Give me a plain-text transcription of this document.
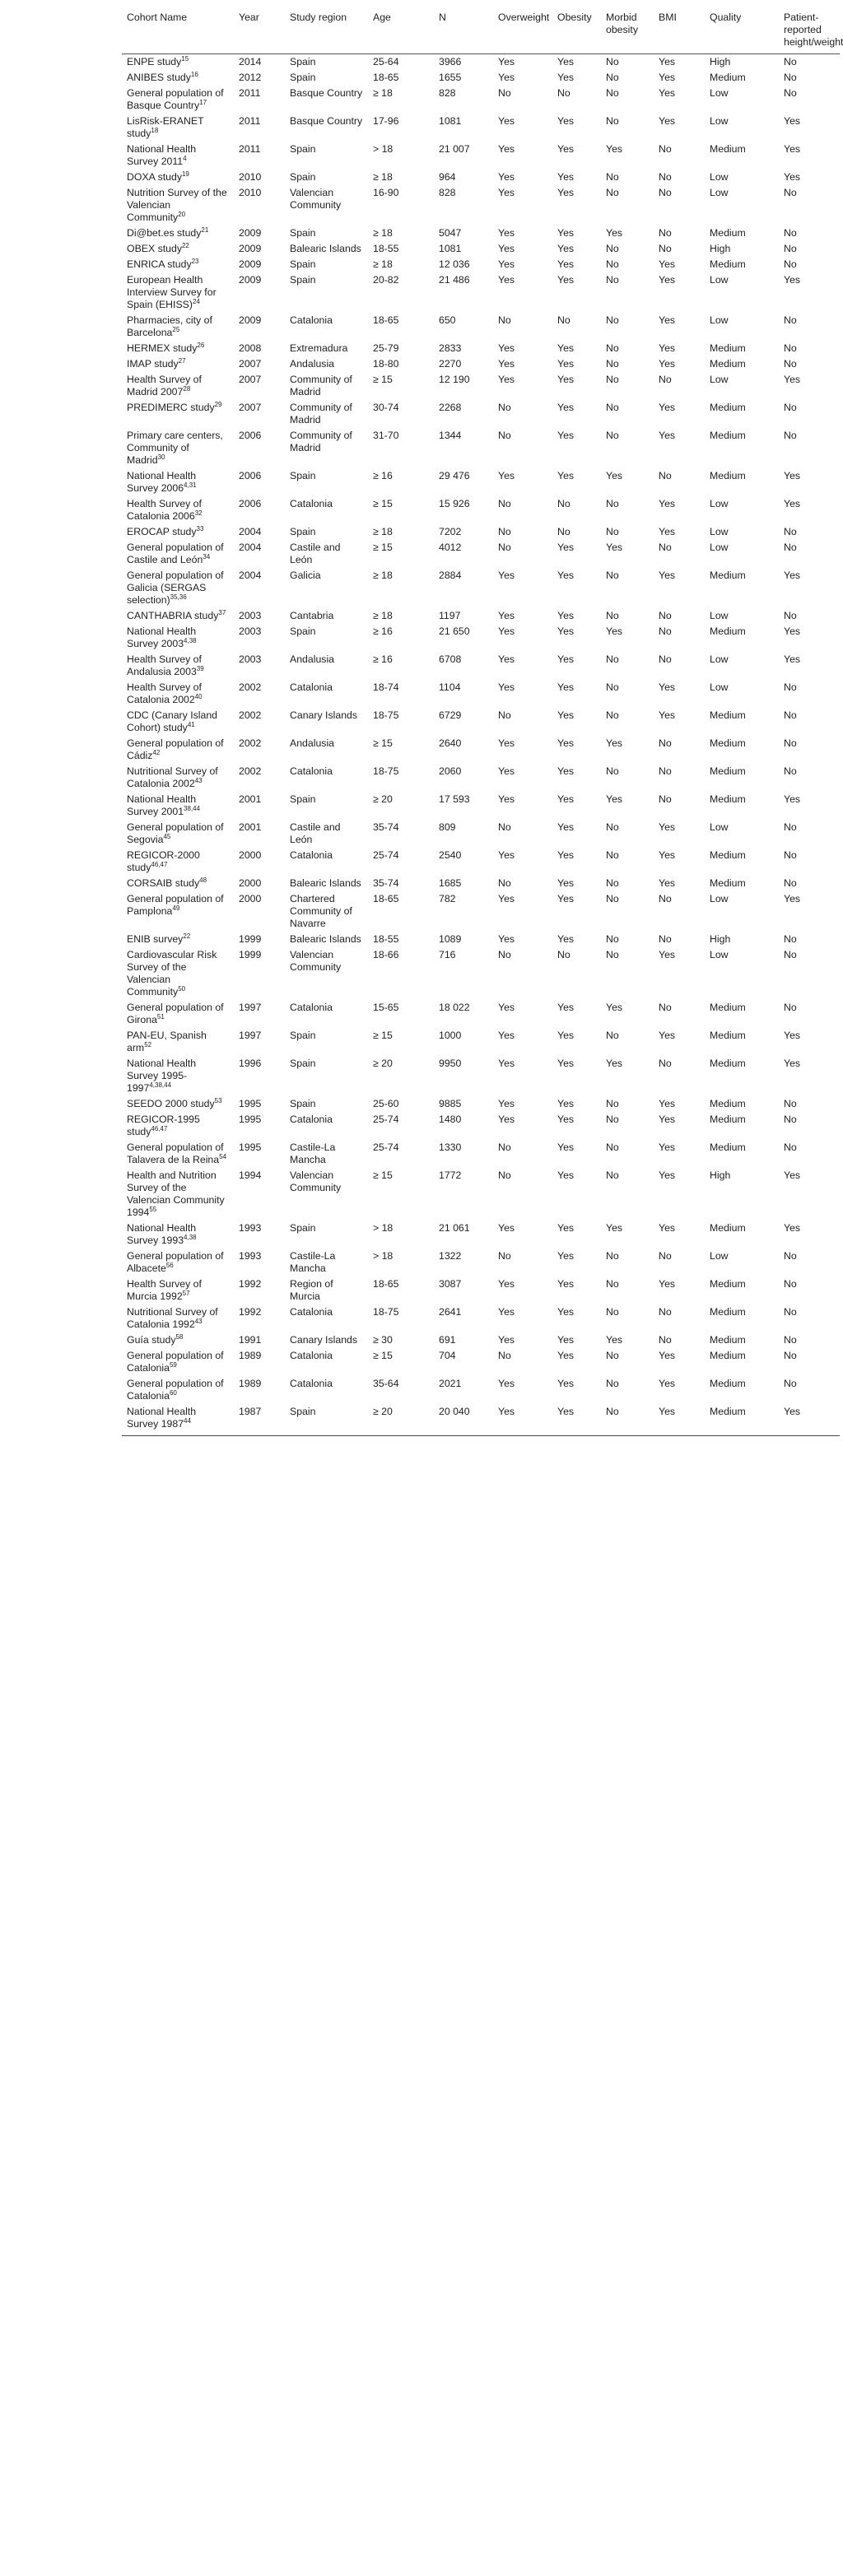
Cohort Name	Year	Study region	Age	N	Overweight	Obesity	Morbid obesity	BMI	Quality	Patient-reported height/weight
ENPE study$^{15}$	2014	Spain	25-64	3966	Yes	Yes	No	Yes	High	No
ANIBES study$^{16}$	2012	Spain	18-65	1655	Yes	Yes	No	Yes	Medium	No
General population of Basque Country$^{17}$	2011	Basque Country	≥ 18	828	No	No	No	Yes	Low	No
LisRisk-ERANET study$^{18}$	2011	Basque Country	17-96	1081	Yes	Yes	No	Yes	Low	Yes
National Health Survey 2011$^4$	2011	Spain	> 18	21 007	Yes	Yes	Yes	No	Medium	Yes
DOXA study$^{19}$	2010	Spain	≥ 18	964	Yes	Yes	No	No	Low	Yes
Nutrition Survey of the Valencian Community$^{20}$	2010	Valencian Community	16-90	828	Yes	Yes	No	No	Low	No
Di@bet.es study$^{21}$	2009	Spain	≥ 18	5047	Yes	Yes	Yes	No	Medium	No
OBEX study$^{22}$	2009	Balearic Islands	18-55	1081	Yes	Yes	No	No	High	No
ENRICA study$^{23}$	2009	Spain	≥ 18	12 036	Yes	Yes	No	Yes	Medium	No
European Health Interview Survey for Spain (EHISS)$^{24}$	2009	Spain	20-82	21 486	Yes	Yes	No	Yes	Low	Yes
Pharmacies, city of Barcelona$^{25}$	2009	Catalonia	18-65	650	No	No	No	Yes	Low	No
HERMEX study$^{26}$	2008	Extremadura	25-79	2833	Yes	Yes	No	Yes	Medium	No
IMAP study$^{27}$	2007	Andalusia	18-80	2270	Yes	Yes	No	Yes	Medium	No
Health Survey of Madrid 2007$^{28}$	2007	Community of Madrid	≥ 15	12 190	Yes	Yes	No	No	Low	Yes
PREDIMERC study$^{29}$	2007	Community of Madrid	30-74	2268	No	Yes	No	Yes	Medium	No
Primary care centers, Community of Madrid$^{30}$	2006	Community of Madrid	31-70	1344	No	Yes	No	Yes	Medium	No
National Health Survey 2006$^{4,31}$	2006	Spain	≥ 16	29 476	Yes	Yes	Yes	No	Medium	Yes
Health Survey of Catalonia 2006$^{32}$	2006	Catalonia	≥ 15	15 926	No	No	No	Yes	Low	Yes
EROCAP study$^{33}$	2004	Spain	≥ 18	7202	No	No	No	Yes	Low	No
General population of Castile and León$^{34}$	2004	Castile and León	≥ 15	4012	No	Yes	Yes	No	Low	No
General population of Galicia (SERGAS selection)$^{35,36}$	2004	Galicia	≥ 18	2884	Yes	Yes	No	Yes	Medium	Yes
CANTHABRIA study$^{37}$	2003	Cantabria	≥ 18	1197	Yes	Yes	No	No	Low	No
National Health Survey 2003$^{4,38}$	2003	Spain	≥ 16	21 650	Yes	Yes	Yes	No	Medium	Yes
Health Survey of Andalusia 2003$^{39}$	2003	Andalusia	≥ 16	6708	Yes	Yes	No	No	Low	Yes
Health Survey of Catalonia 2002$^{40}$	2002	Catalonia	18-74	1104	Yes	Yes	No	Yes	Low	No
CDC (Canary Island Cohort) study$^{41}$	2002	Canary Islands	18-75	6729	No	Yes	No	Yes	Medium	No
General population of Cádiz$^{42}$	2002	Andalusia	≥ 15	2640	Yes	Yes	Yes	No	Medium	No
Nutritional Survey of Catalonia 2002$^{43}$	2002	Catalonia	18-75	2060	Yes	Yes	No	No	Medium	No
National Health Survey 2001$^{38,44}$	2001	Spain	≥ 20	17 593	Yes	Yes	Yes	No	Medium	Yes
General population of Segovia$^{45}$	2001	Castile and León	35-74	809	No	Yes	No	Yes	Low	No
REGICOR-2000 study$^{46,47}$	2000	Catalonia	25-74	2540	Yes	Yes	No	Yes	Medium	No
CORSAIB study$^{48}$	2000	Balearic Islands	35-74	1685	No	Yes	No	Yes	Medium	No
General population of Pamplona$^{49}$	2000	Chartered Community of Navarre	18-65	782	Yes	Yes	No	No	Low	Yes
ENIB survey$^{22}$	1999	Balearic Islands	18-55	1089	Yes	Yes	No	No	High	No
Cardiovascular Risk Survey of the Valencian Community$^{50}$	1999	Valencian Community	18-66	716	No	No	No	Yes	Low	No
General population of Girona$^{51}$	1997	Catalonia	15-65	18 022	Yes	Yes	Yes	No	Medium	No
PAN-EU, Spanish arm$^{52}$	1997	Spain	≥ 15	1000	Yes	Yes	No	Yes	Medium	Yes
National Health Survey 1995-1997$^{4,38,44}$	1996	Spain	≥ 20	9950	Yes	Yes	Yes	No	Medium	Yes
SEEDO 2000 study$^{53}$	1995	Spain	25-60	9885	Yes	Yes	No	Yes	Medium	No
REGICOR-1995 study$^{46,47}$	1995	Catalonia	25-74	1480	Yes	Yes	No	Yes	Medium	No
General population of Talavera de la Reina$^{54}$	1995	Castile-La Mancha	25-74	1330	No	Yes	No	Yes	Medium	No
Health and Nutrition Survey of the Valencian Community 1994$^{55}$	1994	Valencian Community	≥ 15	1772	No	Yes	No	Yes	High	Yes
National Health Survey 1993$^{4,38}$	1993	Spain	> 18	21 061	Yes	Yes	Yes	Yes	Medium	Yes
General population of Albacete$^{56}$	1993	Castile-La Mancha	> 18	1322	No	Yes	No	No	Low	No
Health Survey of Murcia 1992$^{57}$	1992	Region of Murcia	18-65	3087	Yes	Yes	No	Yes	Medium	No
Nutritional Survey of Catalonia 1992$^{43}$	1992	Catalonia	18-75	2641	Yes	Yes	No	No	Medium	No
Guía study$^{58}$	1991	Canary Islands	≥ 30	691	Yes	Yes	Yes	No	Medium	No
General population of Catalonia$^{59}$	1989	Catalonia	≥ 15	704	No	Yes	No	Yes	Medium	No
General population of Catalonia$^{60}$	1989	Catalonia	35-64	2021	Yes	Yes	No	Yes	Medium	No
National Health Survey 1987$^{44}$	1987	Spain	≥ 20	20 040	Yes	Yes	No	Yes	Medium	Yes
